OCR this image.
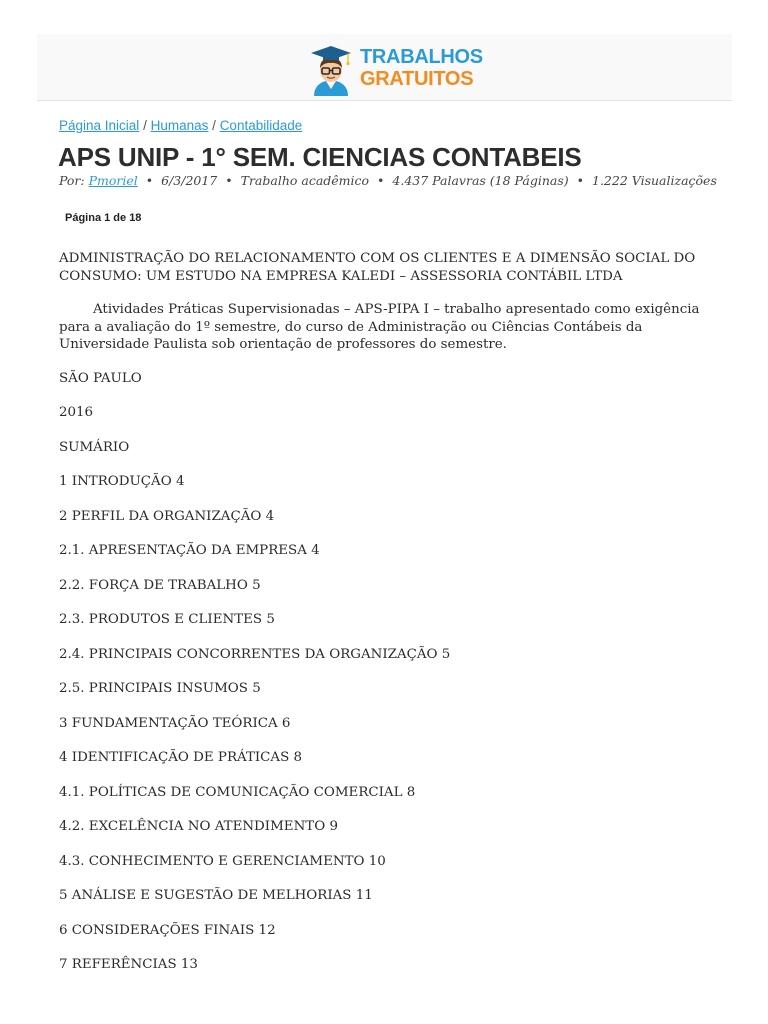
TRABALHOS
GRATUITOS
Página Inicial / Humanas / Contabilidade
APS UNIP - 1° SEM. CIENCIAS CONTABEIS
Por: Pmoriel • 6/3/2017 • Trabalho acadêmico • 4.437 Palavras (18 Páginas) • 1.222 Visualizações
Página 1 de 18

ADMINISTRAÇÃO DO RELACIONAMENTO COM OS CLIENTES E A DIMENSÃO SOCIAL DO CONSUMO: UM ESTUDO NA EMPRESA KALEDI – ASSESSORIA CONTÁBIL LTDA

Atividades Práticas Supervisionadas – APS-PIPA I – trabalho apresentado como exigência para a avaliação do 1º semestre, do curso de Administração ou Ciências Contábeis da Universidade Paulista sob orientação de professores do semestre.

SÃO PAULO

2016

SUMÁRIO

1 INTRODUÇÃO 4

2 PERFIL DA ORGANIZAÇÃO 4

2.1. APRESENTAÇÃO DA EMPRESA 4

2.2. FORÇA DE TRABALHO 5

2.3. PRODUTOS E CLIENTES 5

2.4. PRINCIPAIS CONCORRENTES DA ORGANIZAÇÃO 5

2.5. PRINCIPAIS INSUMOS 5

3 FUNDAMENTAÇÃO TEÓRICA 6

4 IDENTIFICAÇÃO DE PRÁTICAS 8

4.1. POLÍTICAS DE COMUNICAÇÃO COMERCIAL 8

4.2. EXCELÊNCIA NO ATENDIMENTO 9

4.3. CONHECIMENTO E GERENCIAMENTO 10

5 ANÁLISE E SUGESTÃO DE MELHORIAS 11

6 CONSIDERAÇÕES FINAIS 12

7 REFERÊNCIAS 13
